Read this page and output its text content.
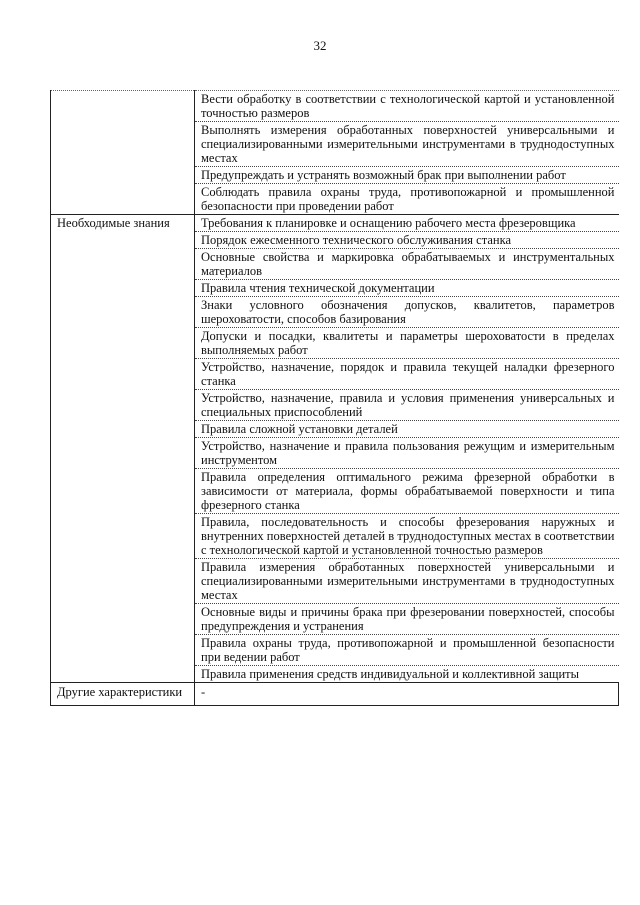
32
	Вести обработку в соответствии с технологической картой и установленной точностью размеров
	Выполнять измерения обработанных поверхностей универсальными и специализированными измерительными инструментами в труднодоступных местах
	Предупреждать и устранять возможный брак при выполнении работ
	Соблюдать правила охраны труда, противопожарной и промышленной безопасности при проведении работ
Необходимые знания	Требования к планировке и оснащению рабочего места фрезеровщика
	Порядок ежесменного технического обслуживания станка
	Основные свойства и маркировка обрабатываемых и инструментальных материалов
	Правила чтения технической документации
	Знаки условного обозначения допусков, квалитетов, параметров шероховатости, способов базирования
	Допуски и посадки, квалитеты и параметры шероховатости в пределах выполняемых работ
	Устройство, назначение, порядок и правила текущей наладки фрезерного станка
	Устройство, назначение, правила и условия применения универсальных и специальных приспособлений
	Правила сложной установки деталей
	Устройство, назначение и правила пользования режущим и измерительным инструментом
	Правила определения оптимального режима фрезерной обработки в зависимости от материала, формы обрабатываемой поверхности и типа фрезерного станка
	Правила, последовательность и способы фрезерования наружных и внутренних поверхностей деталей в труднодоступных местах в соответствии с технологической картой и установленной точностью размеров
	Правила измерения обработанных поверхностей универсальными и специализированными измерительными инструментами в труднодоступных местах
	Основные виды и причины брака при фрезеровании поверхностей, способы предупреждения и устранения
	Правила охраны труда, противопожарной и промышленной безопасности при ведении работ
	Правила применения средств индивидуальной и коллективной защиты
Другие характеристики	-
